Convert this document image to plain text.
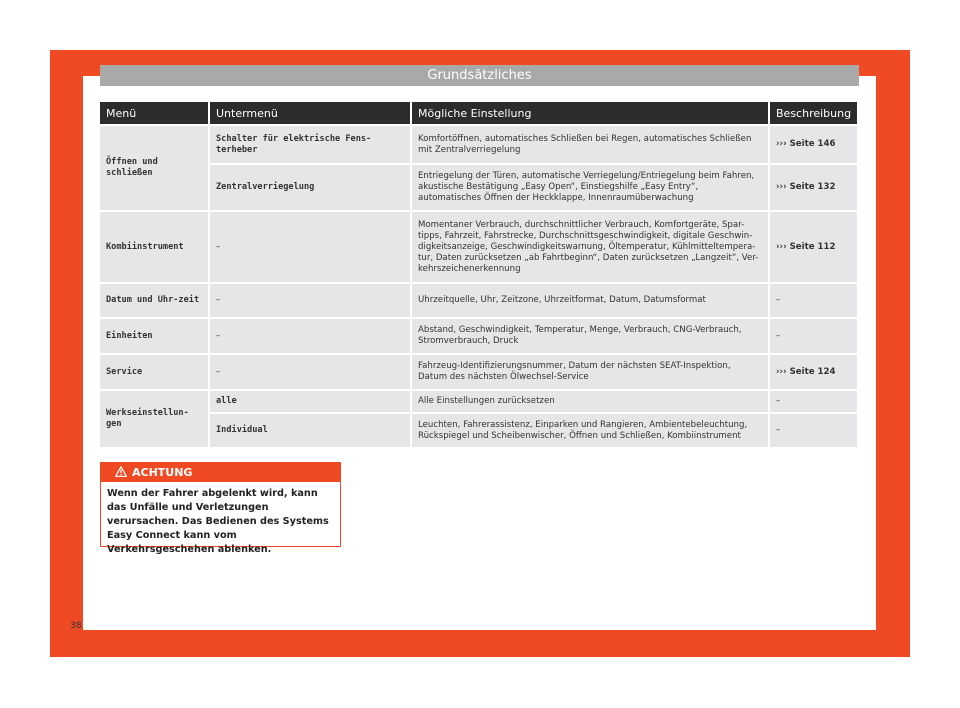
Grundsätzliches
Menü	Untermenü	Mögliche Einstellung	Beschreibung
Öffnen und schließen	Schalter für elektrische Fens-terheber	Komfortöffnen, automatisches Schließen bei Regen, automatisches Schließen mit Zentralverriegelung	››› Seite 146
	Zentralverriegelung	Entriegelung der Türen, automatische Verriegelung/Entriegelung beim Fahren, akustische Bestätigung „Easy Open“, Einstiegshilfe „Easy Entry“, automatisches Öffnen der Heckklappe, Innenraumüberwachung	››› Seite 132
Kombiinstrument	–	Momentaner Verbrauch, durchschnittlicher Verbrauch, Komfortgeräte, Spar-tipps, Fahrzeit, Fahrstrecke, Durchschnittsgeschwindigkeit, digitale Geschwin-digkeitsanzeige, Geschwindigkeitswarnung, Öltemperatur, Kühlmitteltempera-tur, Daten zurücksetzen „ab Fahrtbeginn“, Daten zurücksetzen „Langzeit“, Ver-kehrszeichenerkennung	››› Seite 112
Datum und Uhr-zeit	–	Uhrzeitquelle, Uhr, Zeitzone, Uhrzeitformat, Datum, Datumsformat	–
Einheiten	–	Abstand, Geschwindigkeit, Temperatur, Menge, Verbrauch, CNG-Verbrauch, Stromverbrauch, Druck	–
Service	–	Fahrzeug-Identifizierungsnummer, Datum der nächsten SEAT-Inspektion, Datum des nächsten Ölwechsel-Service	››› Seite 124
Werkseinstellun-gen	alle	Alle Einstellungen zurücksetzen	–
	Individual	Leuchten, Fahrerassistenz, Einparken und Rangieren, Ambientebeleuchtung, Rückspiegel und Scheibenwischer, Öffnen und Schließen, Kombiinstrument	–
ACHTUNG
Wenn der Fahrer abgelenkt wird, kann das Unfälle und Verletzungen verursachen. Das Bedienen des Systems Easy Connect kann vom Verkehrsgeschehen ablenken.
38
